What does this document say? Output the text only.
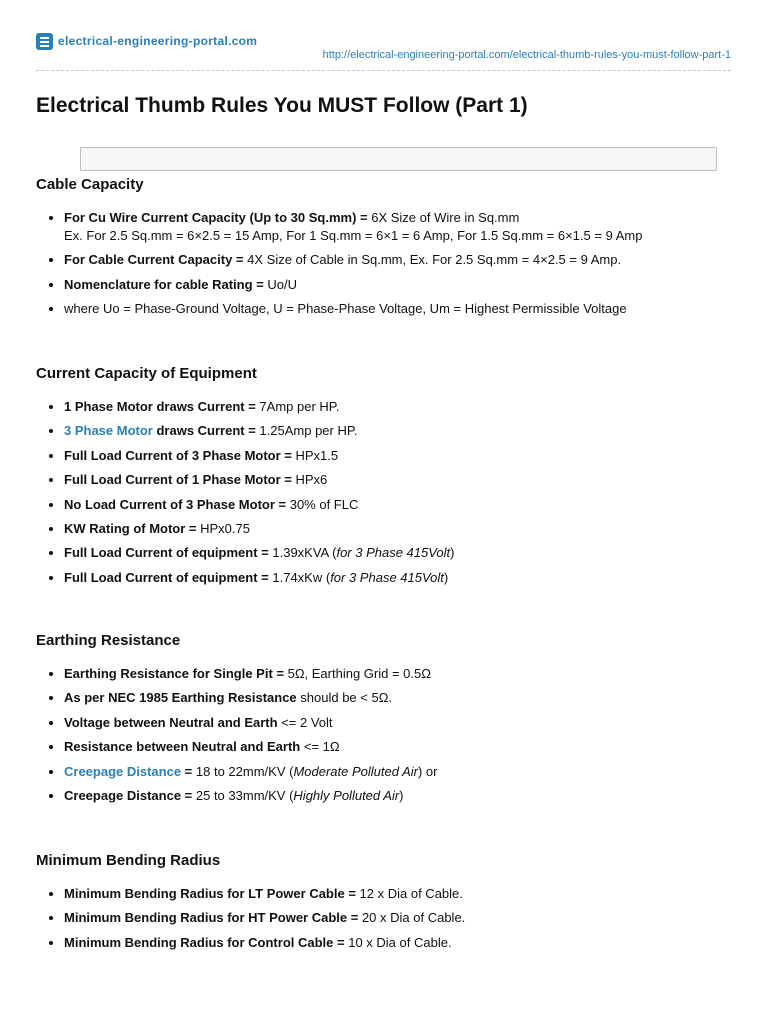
electrical-engineering-portal.com
http://electrical-engineering-portal.com/electrical-thumb-rules-you-must-follow-part-1
Electrical Thumb Rules You MUST Follow (Part 1)
Cable Capacity
For Cu Wire Current Capacity (Up to 30 Sq.mm) = 6X Size of Wire in Sq.mm
Ex. For 2.5 Sq.mm = 6×2.5 = 15 Amp, For 1 Sq.mm = 6×1 = 6 Amp, For 1.5 Sq.mm = 6×1.5 = 9 Amp
For Cable Current Capacity = 4X Size of Cable in Sq.mm, Ex. For 2.5 Sq.mm = 4×2.5 = 9 Amp.
Nomenclature for cable Rating = Uo/U
where Uo = Phase-Ground Voltage, U = Phase-Phase Voltage, Um = Highest Permissible Voltage
Current Capacity of Equipment
1 Phase Motor draws Current = 7Amp per HP.
3 Phase Motor draws Current = 1.25Amp per HP.
Full Load Current of 3 Phase Motor = HPx1.5
Full Load Current of 1 Phase Motor = HPx6
No Load Current of 3 Phase Motor = 30% of FLC
KW Rating of Motor = HPx0.75
Full Load Current of equipment = 1.39xKVA (for 3 Phase 415Volt)
Full Load Current of equipment = 1.74xKw (for 3 Phase 415Volt)
Earthing Resistance
Earthing Resistance for Single Pit = 5Ω, Earthing Grid = 0.5Ω
As per NEC 1985 Earthing Resistance should be < 5Ω.
Voltage between Neutral and Earth <= 2 Volt
Resistance between Neutral and Earth <= 1Ω
Creepage Distance = 18 to 22mm/KV (Moderate Polluted Air) or
Creepage Distance = 25 to 33mm/KV (Highly Polluted Air)
Minimum Bending Radius
Minimum Bending Radius for LT Power Cable = 12 x Dia of Cable.
Minimum Bending Radius for HT Power Cable = 20 x Dia of Cable.
Minimum Bending Radius for Control Cable = 10 x Dia of Cable.
